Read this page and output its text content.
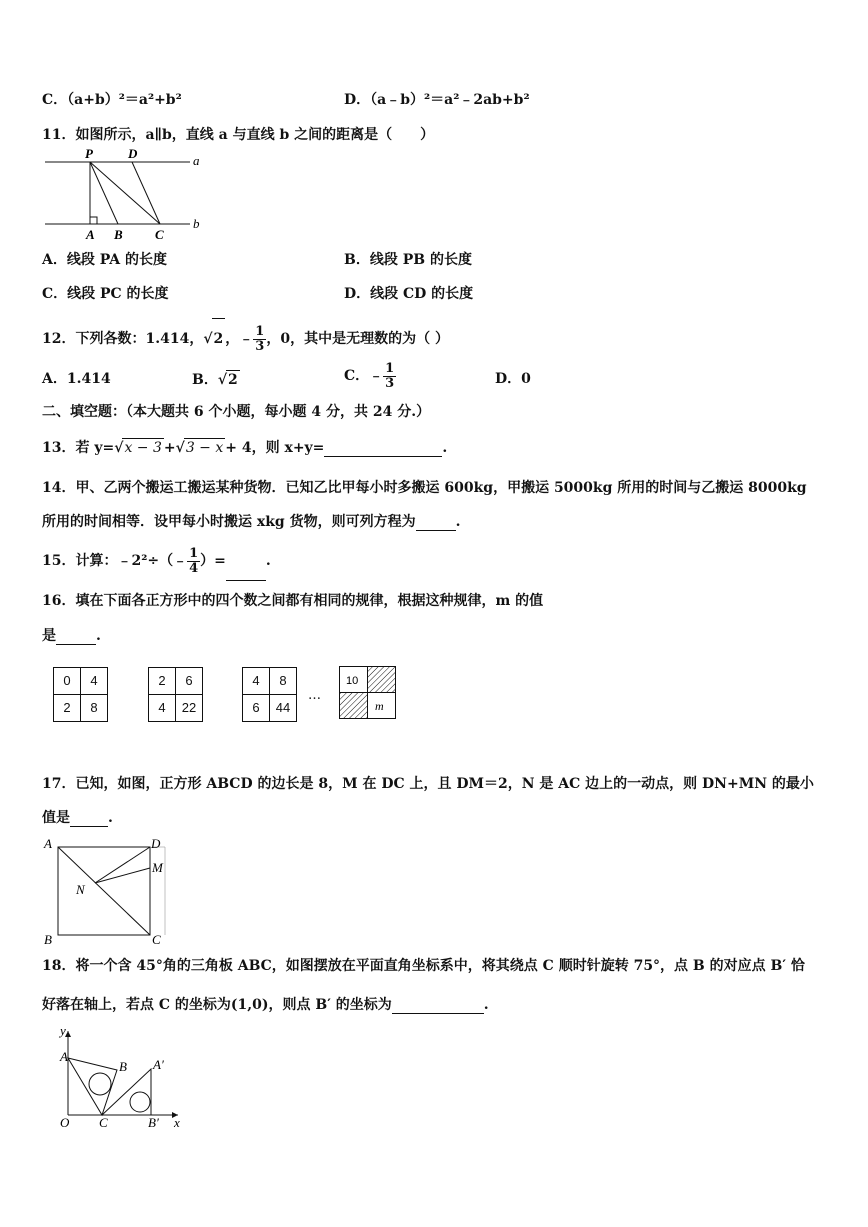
C．（a+b）²＝a²+b²	D．（a﹣b）²＝a²﹣2ab+b²
11．如图所示，a∥b，直线 a 与直线 b 之间的距离是（　　）
P	D	a
A B C
b
A．线段 PA 的长度	B．线段 PB 的长度
C．线段 PC 的长度	D．线段 CD 的长度
12．下列各数：1.414，√2 ，﹣ $\frac{1}{3}$ ，0，其中是无理数的为（ ）
A．1.414	B．√2	C．﹣ $\frac{1}{3}$	D．0
二、填空题：（本大题共 6 个小题，每小题 4 分，共 24 分.）
13．若 y=√x − 3 +√3 − x + 4，则 x+y=	.
14．甲、乙两个搬运工搬运某种货物．已知乙比甲每小时多搬运 600kg，甲搬运 5000kg 所用的时间与乙搬运 8000kg
所用的时间相等．设甲每小时搬运 xkg 货物，则可列方程为	.
15．计算：﹣2²÷（﹣ $\frac{1}{4}$ ）=	.
16．填在下面各正方形中的四个数之间都有相同的规律，根据这种规律，m 的值
是	.
0	4
2	8
2	6
4	22
4	8
6	44
…
10
m
17．已知，如图，正方形 ABCD 的边长是 8，M 在 DC 上，且 DM＝2，N 是 AC 边上的一动点，则 DN+MN 的最小
值是	.
A	D
M
N
B	C
18．将一个含 45°角的三角板 ABC，如图摆放在平面直角坐标系中，将其绕点 C 顺时针旋转 75°，点 B 的对应点 B′ 恰
好落在轴上，若点 C 的坐标为(1,0)，则点 B′ 的坐标为	.
y
A
B A′
O C	B′ x
